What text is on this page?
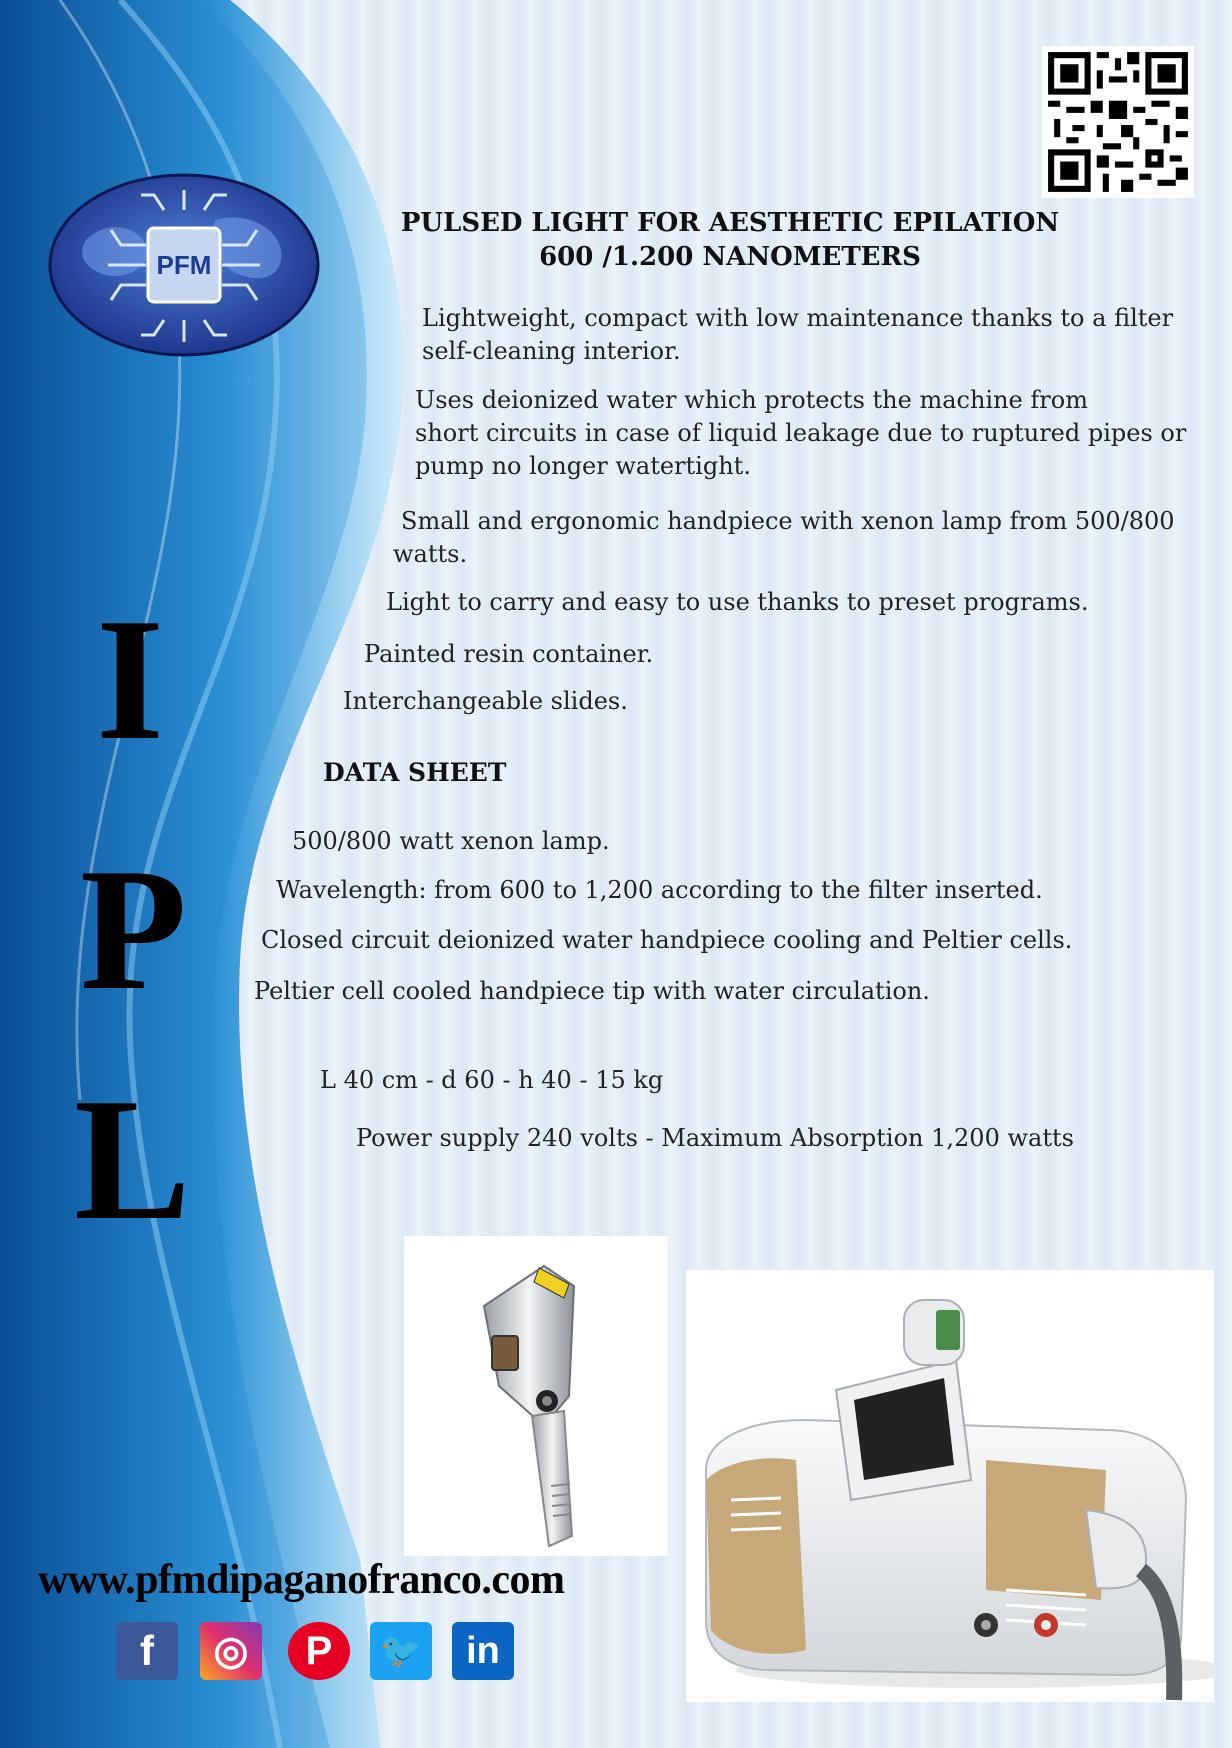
PFM
PULSED LIGHT FOR AESTHETIC EPILATION
600 /1.200 NANOMETERS
Lightweight, compact with low maintenance thanks to a filter
self-cleaning interior.
Uses deionized water which protects the machine from
short circuits in case of liquid leakage due to ruptured pipes or
pump no longer watertight.
Small and ergonomic handpiece with xenon lamp from 500/800
watts.
Light to carry and easy to use thanks to preset programs.
Painted resin container.
Interchangeable slides.
DATA SHEET
500/800 watt xenon lamp.
Wavelength: from 600 to 1,200 according to the filter inserted.
Closed circuit deionized water handpiece cooling and Peltier cells.
Peltier cell cooled handpiece tip with water circulation.
L 40 cm - d 60 - h 40 - 15 kg
Power supply 240 volts - Maximum Absorption 1,200 watts
I
P
L
www.pfmdipaganofranco.com
f	◎	P	🐦	in
